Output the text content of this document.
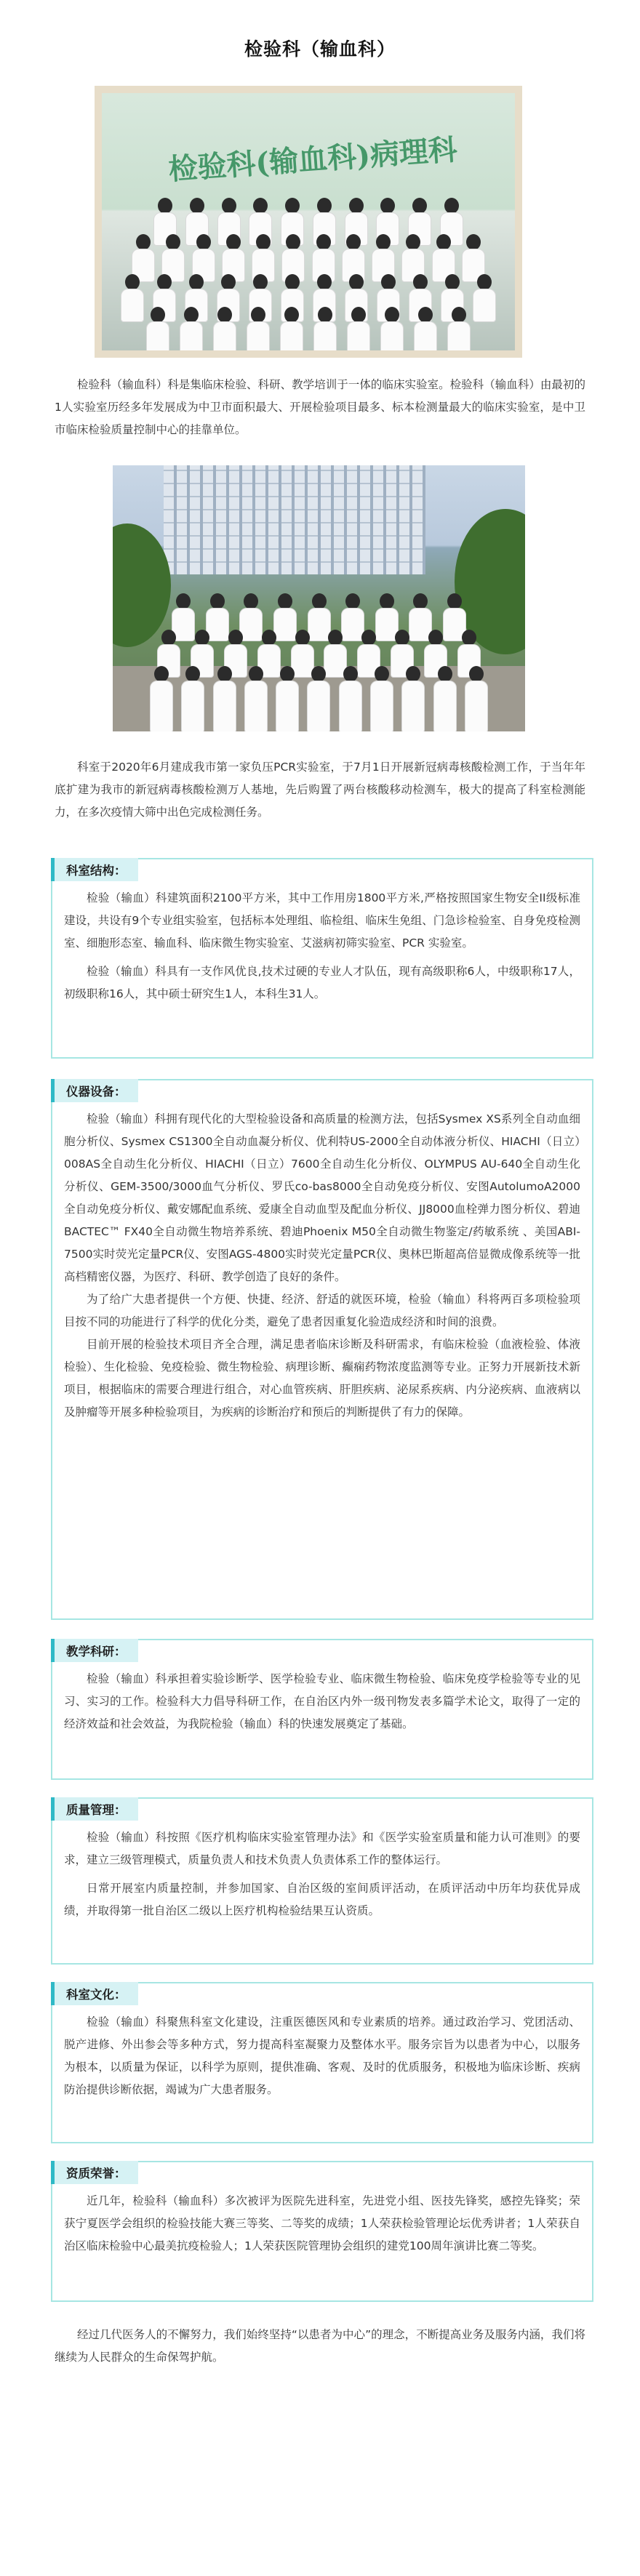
检验科（输血科）
检验科(输血科)病理科

检验科（输血科）科是集临床检验、科研、教学培训于一体的临床实验室。检验科（输血科）由最初的1人实验室历经多年发展成为中卫市面积最大、开展检验项目最多、标本检测量最大的临床实验室，是中卫市临床检验质量控制中心的挂靠单位。

科室于2020年6月建成我市第一家负压PCR实验室，于7月1日开展新冠病毒核酸检测工作，于当年年底扩建为我市的新冠病毒核酸检测万人基地，先后购置了两台核酸移动检测车，极大的提高了科室检测能力，在多次疫情大筛中出色完成检测任务。

科室结构：

检验（输血）科建筑面积2100平方米，其中工作用房1800平方米,严格按照国家生物安全II级标准建设，共设有9个专业组实验室，包括标本处理组、临检组、临床生免组、门急诊检验室、自身免疫检测室、细胞形态室、输血科、临床微生物实验室、艾滋病初筛实验室、PCR 实验室。

检验（输血）科具有一支作风优良,技术过硬的专业人才队伍，现有高级职称6人，中级职称17人，初级职称16人，其中硕士研究生1人，本科生31人。

仪器设备：

检验（输血）科拥有现代化的大型检验设备和高质量的检测方法，包括Sysmex XS系列全自动血细胞分析仪、Sysmex CS1300全自动血凝分析仪、优利特US-2000全自动体液分析仪、HIACHI（日立）008AS全自动生化分析仪、HIACHI（日立）7600全自动生化分析仪、OLYMPUS AU-640全自动生化分析仪、GEM-3500/3000血气分析仪、罗氏co-bas8000全自动免疫分析仪、安图AutolumoA2000全自动免疫分析仪、戴安娜配血系统、爱康全自动血型及配血分析仪、JJ8000血栓弹力图分析仪、碧迪BACTEC™ FX40全自动微生物培养系统、碧迪Phoenix M50全自动微生物鉴定/药敏系统 、美国ABI-7500实时荧光定量PCR仪、安图AGS-4800实时荧光定量PCR仪、奥林巴斯超高倍显微成像系统等一批高档精密仪器，为医疗、科研、教学创造了良好的条件。

为了给广大患者提供一个方便、快捷、经济、舒适的就医环境，检验（输血）科将两百多项检验项目按不同的功能进行了科学的优化分类，避免了患者因重复化验造成经济和时间的浪费。

目前开展的检验技术项目齐全合理，满足患者临床诊断及科研需求，有临床检验（血液检验、体液检验）、生化检验、免疫检验、微生物检验、病理诊断、癫痫药物浓度监测等专业。正努力开展新技术新项目，根据临床的需要合理进行组合，对心血管疾病、肝胆疾病、泌尿系疾病、内分泌疾病、血液病以及肿瘤等开展多种检验项目，为疾病的诊断治疗和预后的判断提供了有力的保障。

教学科研：

检验（输血）科承担着实验诊断学、医学检验专业、临床微生物检验、临床免疫学检验等专业的见习、实习的工作。检验科大力倡导科研工作，在自治区内外一级刊物发表多篇学术论文，取得了一定的经济效益和社会效益，为我院检验（输血）科的快速发展奠定了基础。

质量管理：

检验（输血）科按照《医疗机构临床实验室管理办法》和《医学实验室质量和能力认可准则》的要求，建立三级管理模式，质量负责人和技术负责人负责体系工作的整体运行。

日常开展室内质量控制，并参加国家、自治区级的室间质评活动，在质评活动中历年均获优异成绩，并取得第一批自治区二级以上医疗机构检验结果互认资质。

科室文化：

检验（输血）科聚焦科室文化建设，注重医德医风和专业素质的培养。通过政治学习、党团活动、脱产进修、外出参会等多种方式，努力提高科室凝聚力及整体水平。服务宗旨为以患者为中心，以服务为根本，以质量为保证，以科学为原则，提供准确、客观、及时的优质服务，积极地为临床诊断、疾病防治提供诊断依据，竭诚为广大患者服务。

资质荣誉：

近几年，检验科（输血科）多次被评为医院先进科室，先进党小组、医技先锋奖，感控先锋奖；荣获宁夏医学会组织的检验技能大赛三等奖、二等奖的成绩；1人荣获检验管理论坛优秀讲者；1人荣获自治区临床检验中心最美抗疫检验人；1人荣获医院管理协会组织的建党100周年演讲比赛二等奖。

经过几代医务人的不懈努力，我们始终坚持“以患者为中心”的理念，不断提高业务及服务内涵，我们将继续为人民群众的生命保驾护航。
